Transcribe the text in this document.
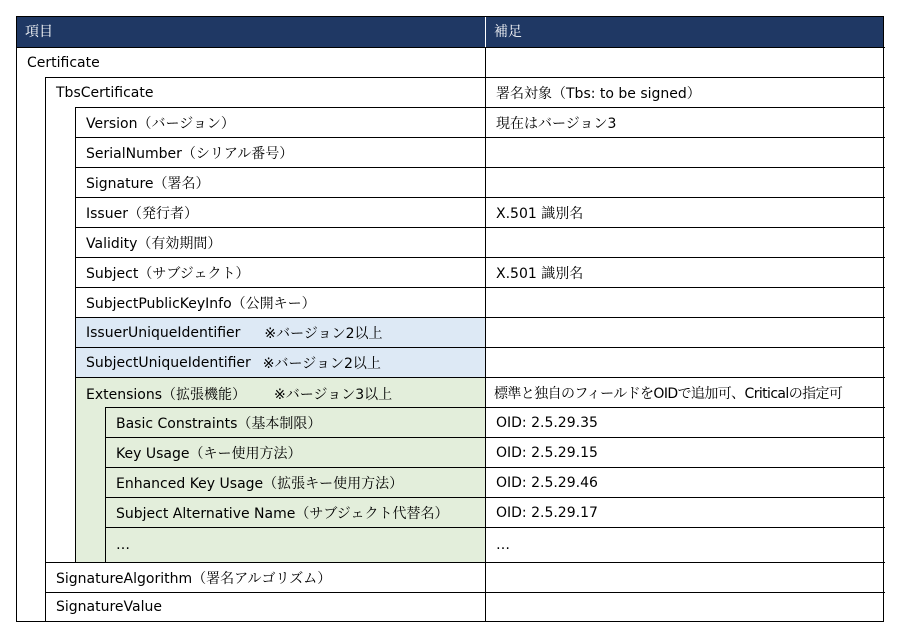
項目	補足
Certificate
TbsCertificate	署名対象（Tbs: to be signed）
Version（バージョン）	現在はバージョン3
SerialNumber（シリアル番号）
Signature（署名）
Issuer（発行者）	X.501 識別名
Validity（有効期間）
Subject（サブジェクト）	X.501 識別名
SubjectPublicKeyInfo（公開キー）
IssuerUniqueIdentifier ※バージョン2以上
SubjectUniqueIdentifier ※バージョン2以上
Extensions（拡張機能） ※バージョン3以上	標準と独自のフィールドをOIDで追加可、Criticalの指定可
Basic Constraints（基本制限）	OID: 2.5.29.35
Key Usage（キー使用方法）	OID: 2.5.29.15
Enhanced Key Usage（拡張キー使用方法）	OID: 2.5.29.46
Subject Alternative Name（サブジェクト代替名）	OID: 2.5.29.17
…	…
SignatureAlgorithm（署名アルゴリズム）
SignatureValue
